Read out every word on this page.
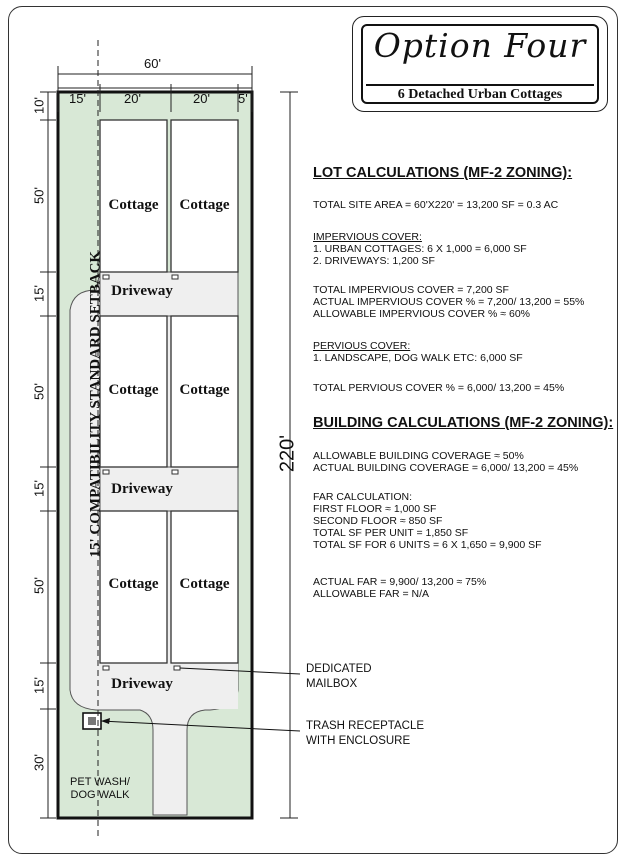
Option Four
6 Detached Urban Cottages
60'
15'	20'	20' 5'
10'
50'
15'
50'
15'
50'
15'
30'
220'
Cottage	Cottage
Cottage	Cottage
Cottage	Cottage
Driveway
Driveway
Driveway
15' COMPATIBILITY STANDARD SETBACK
PET WASH/ DOG WALK
DEDICATED
MAILBOX
TRASH RECEPTACLE
WITH ENCLOSURE
LOT CALCULATIONS (MF-2 ZONING):
TOTAL SITE AREA = 60'X220' = 13,200 SF = 0.3 AC
IMPERVIOUS COVER:
1. URBAN COTTAGES: 6 X 1,000 = 6,000 SF
2. DRIVEWAYS: 1,200 SF
TOTAL IMPERVIOUS COVER = 7,200 SF
ACTUAL IMPERVIOUS COVER % = 7,200/ 13,200 = 55%
ALLOWABLE IMPERVIOUS COVER % ≈ 60%
PERVIOUS COVER:
1. LANDSCAPE, DOG WALK ETC: 6,000 SF
TOTAL PERVIOUS COVER % = 6,000/ 13,200 = 45%
BUILDING CALCULATIONS (MF-2 ZONING):
ALLOWABLE BUILDING COVERAGE ≈ 50%
ACTUAL BUILDING COVERAGE = 6,000/ 13,200 = 45%
FAR CALCULATION:
FIRST FLOOR ≈ 1,000 SF
SECOND FLOOR ≈ 850 SF
TOTAL SF PER UNIT = 1,850 SF
TOTAL SF FOR 6 UNITS = 6 X 1,650 = 9,900 SF
ACTUAL FAR = 9,900/ 13,200 ≈ 75%
ALLOWABLE FAR = N/A
